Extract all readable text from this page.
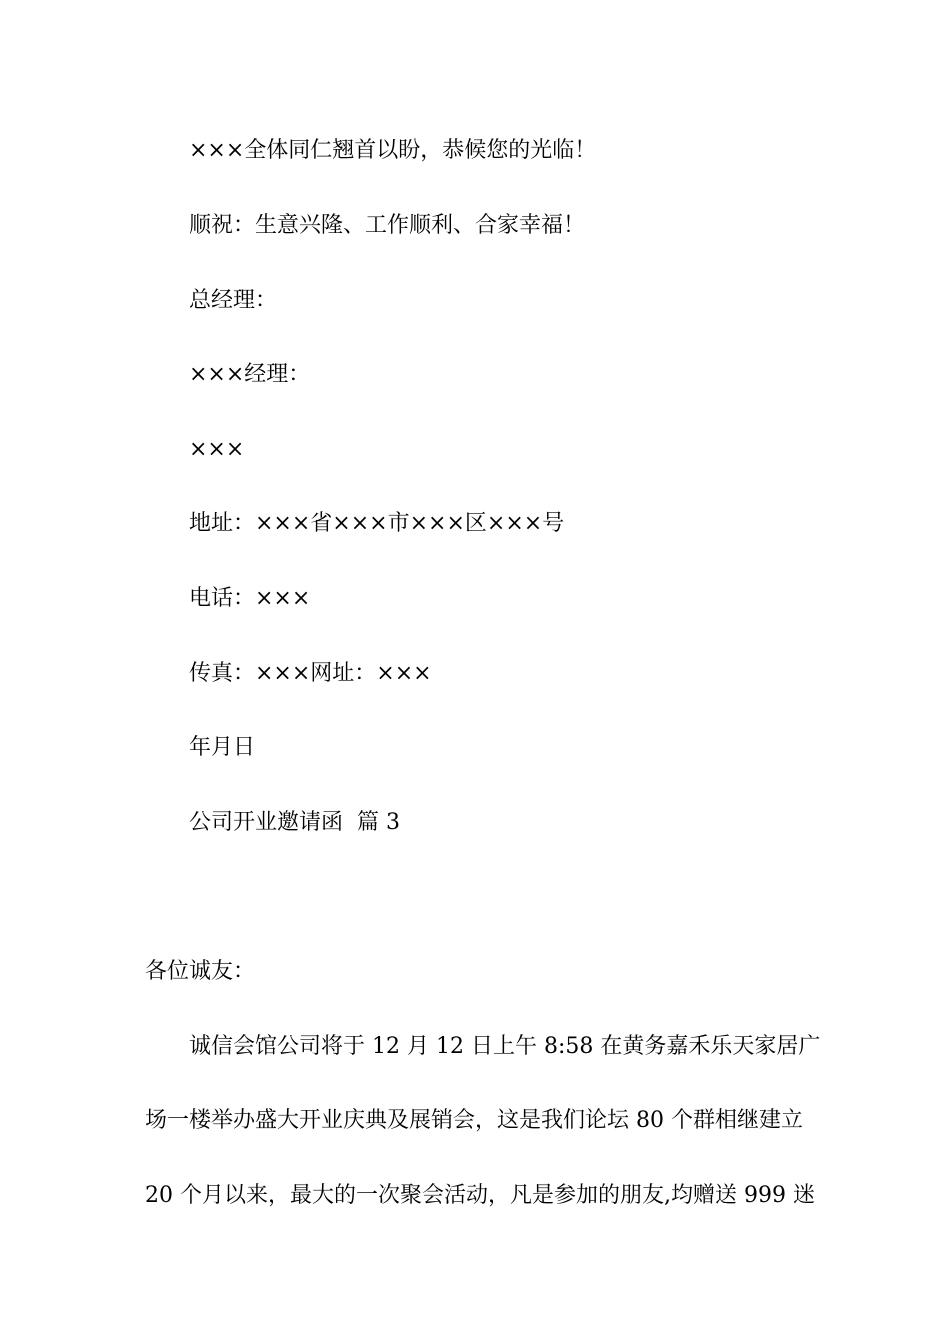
×××全体同仁翘首以盼，恭候您的光临！

顺祝：生意兴隆、工作顺利、合家幸福！

总经理：

×××经理：

×××

地址：×××省×××市×××区×××号

电话：×××

传真：×××网址：×××

年月日

公司开业邀请函  篇 3

各位诚友：

诚信会馆公司将于 12 月 12 日上午 8:58 在黄务嘉禾乐天家居广

场一楼举办盛大开业庆典及展销会，这是我们论坛 80 个群相继建立

20 个月以来，最大的一次聚会活动，凡是参加的朋友,均赠送 999 迷
